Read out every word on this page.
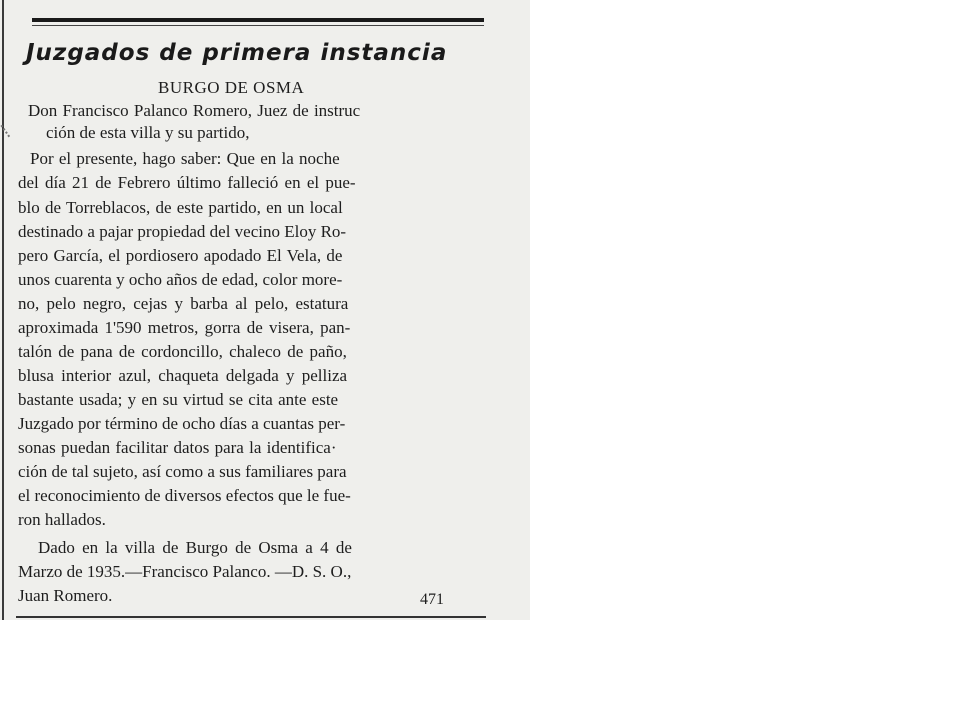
Juzgados de primera instancia
BURGO DE OSMA
Don Francisco Palanco Romero, Juez de instruc
ción de esta villa y su partido,
Por el presente, hago saber: Que en la noche
del día 21 de Febrero último falleció en el pue-
blo de Torreblacos, de este partido, en un local
destinado a pajar propiedad del vecino Eloy Ro-
pero García, el pordiosero apodado El Vela, de
unos cuarenta y ocho años de edad, color more-
no, pelo negro, cejas y barba al pelo, estatura
aproximada 1'590 metros, gorra de visera, pan-
talón de pana de cordoncillo, chaleco de paño,
blusa interior azul, chaqueta delgada y pelliza
bastante usada; y en su virtud se cita ante este
Juzgado por término de ocho días a cuantas per-
sonas puedan facilitar datos para la identifica·
ción de tal sujeto, así como a sus familiares para
el reconocimiento de diversos efectos que le fue-
ron hallados.
Dado en la villa de Burgo de Osma a 4 de
Marzo de 1935.—Francisco Palanco. —D. S. O.,
Juan Romero.	471
